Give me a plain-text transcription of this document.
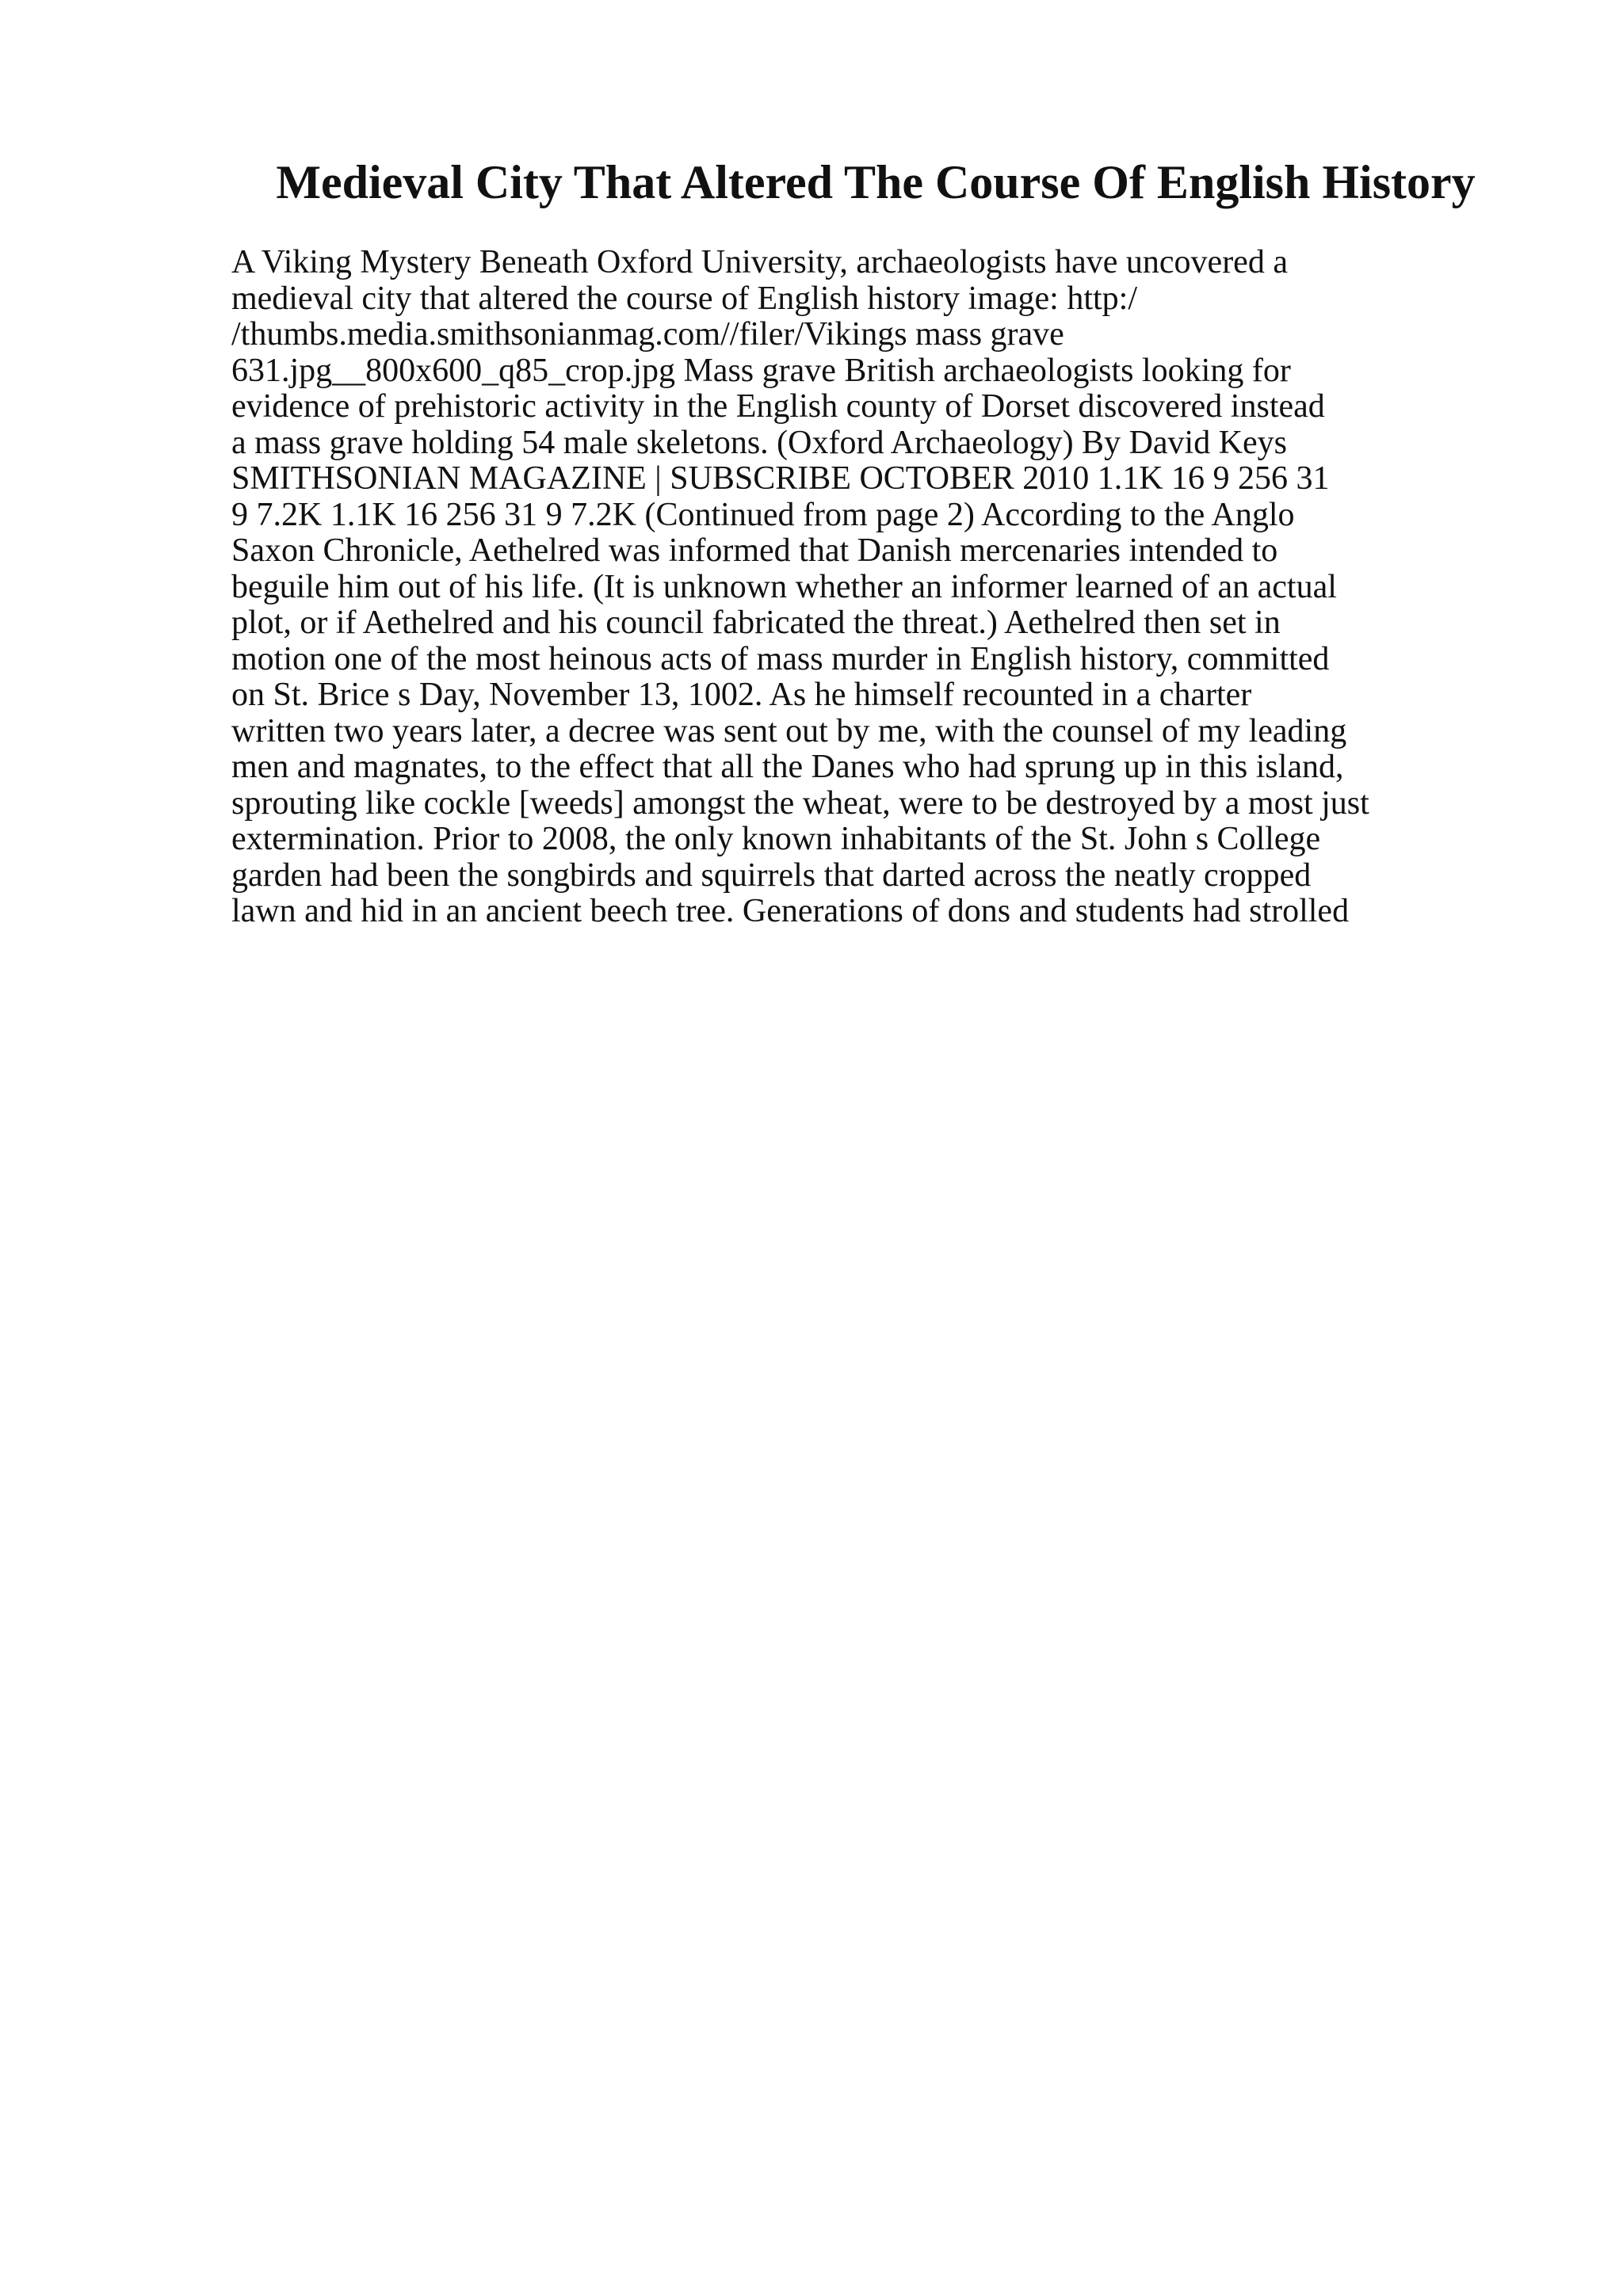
Medieval City That Altered The Course Of English History
A Viking Mystery Beneath Oxford University, archaeologists have uncovered a
medieval city that altered the course of English history image: http:/
/thumbs.media.smithsonianmag.com//filer/Vikings mass grave
631.jpg__800x600_q85_crop.jpg Mass grave British archaeologists looking for
evidence of prehistoric activity in the English county of Dorset discovered instead
a mass grave holding 54 male skeletons. (Oxford Archaeology) By David Keys
SMITHSONIAN MAGAZINE | SUBSCRIBE OCTOBER 2010 1.1K 16 9 256 31
9 7.2K 1.1K 16 256 31 9 7.2K (Continued from page 2) According to the Anglo
Saxon Chronicle, Aethelred was informed that Danish mercenaries intended to
beguile him out of his life. (It is unknown whether an informer learned of an actual
plot, or if Aethelred and his council fabricated the threat.) Aethelred then set in
motion one of the most heinous acts of mass murder in English history, committed
on St. Brice s Day, November 13, 1002. As he himself recounted in a charter
written two years later, a decree was sent out by me, with the counsel of my leading
men and magnates, to the effect that all the Danes who had sprung up in this island,
sprouting like cockle [weeds] amongst the wheat, were to be destroyed by a most just
extermination. Prior to 2008, the only known inhabitants of the St. John s College
garden had been the songbirds and squirrels that darted across the neatly cropped
lawn and hid in an ancient beech tree. Generations of dons and students had strolled
